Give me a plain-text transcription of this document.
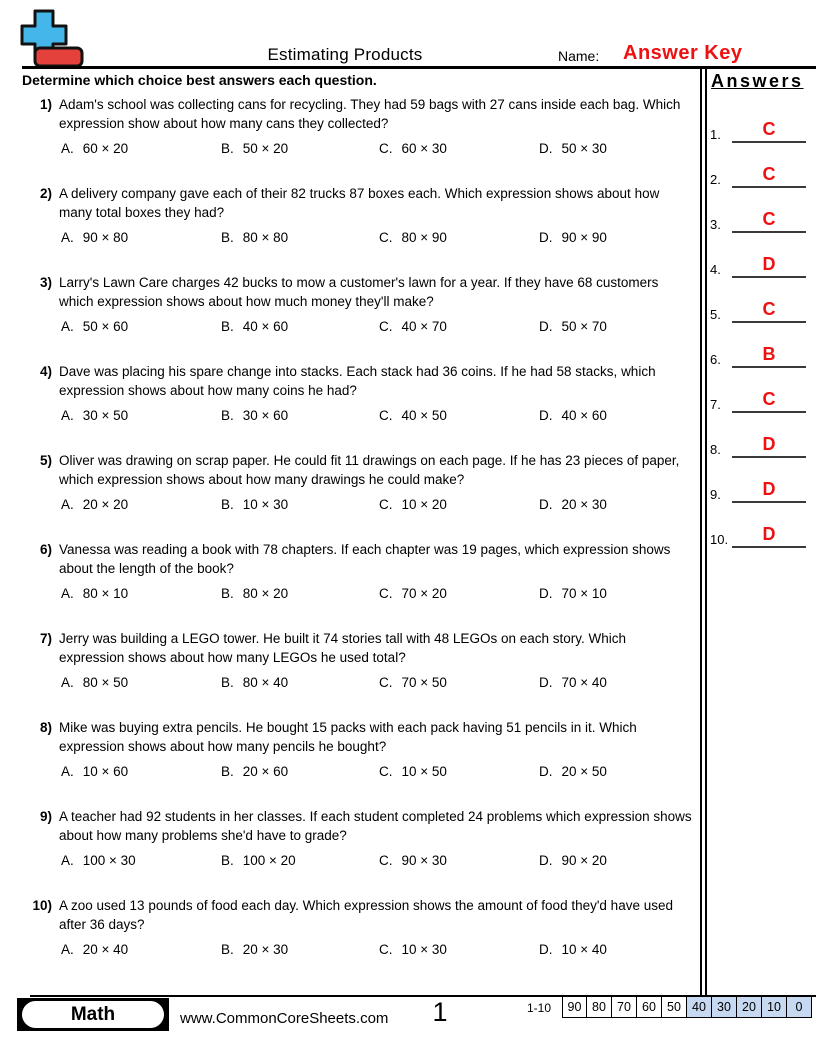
Estimating Products	Name: Answer Key
Determine which choice best answers each question.
1) Adam's school was collecting cans for recycling. They had 59 bags with 27 cans inside each bag. Which expression show about how many cans they collected?
A. 60 × 20	B. 50 × 20	C. 60 × 30	D. 50 × 30
2) A delivery company gave each of their 82 trucks 87 boxes each. Which expression shows about how many total boxes they had?
A. 90 × 80	B. 80 × 80	C. 80 × 90	D. 90 × 90
3) Larry's Lawn Care charges 42 bucks to mow a customer's lawn for a year. If they have 68 customers which expression shows about how much money they'll make?
A. 50 × 60	B. 40 × 60	C. 40 × 70	D. 50 × 70
4) Dave was placing his spare change into stacks. Each stack had 36 coins. If he had 58 stacks, which expression shows about how many coins he had?
A. 30 × 50	B. 30 × 60	C. 40 × 50	D. 40 × 60
5) Oliver was drawing on scrap paper. He could fit 11 drawings on each page. If he has 23 pieces of paper, which expression shows about how many drawings he could make?
A. 20 × 20	B. 10 × 30	C. 10 × 20	D. 20 × 30
6) Vanessa was reading a book with 78 chapters. If each chapter was 19 pages, which expression shows about the length of the book?
A. 80 × 10	B. 80 × 20	C. 70 × 20	D. 70 × 10
7) Jerry was building a LEGO tower. He built it 74 stories tall with 48 LEGOs on each story. Which expression shows about how many LEGOs he used total?
A. 80 × 50	B. 80 × 40	C. 70 × 50	D. 70 × 40
8) Mike was buying extra pencils. He bought 15 packs with each pack having 51 pencils in it. Which expression shows about how many pencils he bought?
A. 10 × 60	B. 20 × 60	C. 10 × 50	D. 20 × 50
9) A teacher had 92 students in her classes. If each student completed 24 problems which expression shows about how many problems she'd have to grade?
A. 100 × 30	B. 100 × 20	C. 90 × 30	D. 90 × 20
10) A zoo used 13 pounds of food each day. Which expression shows the amount of food they'd have used after 36 days?
A. 20 × 40	B. 20 × 30	C. 10 × 30	D. 10 × 40
Answers
1. C
2. C
3. C
4. D
5. C
6. B
7. C
8. D
9. D
10. D
Math	www.CommonCoreSheets.com	1	1-10	90 80 70 60 50 40 30 20 10	0
